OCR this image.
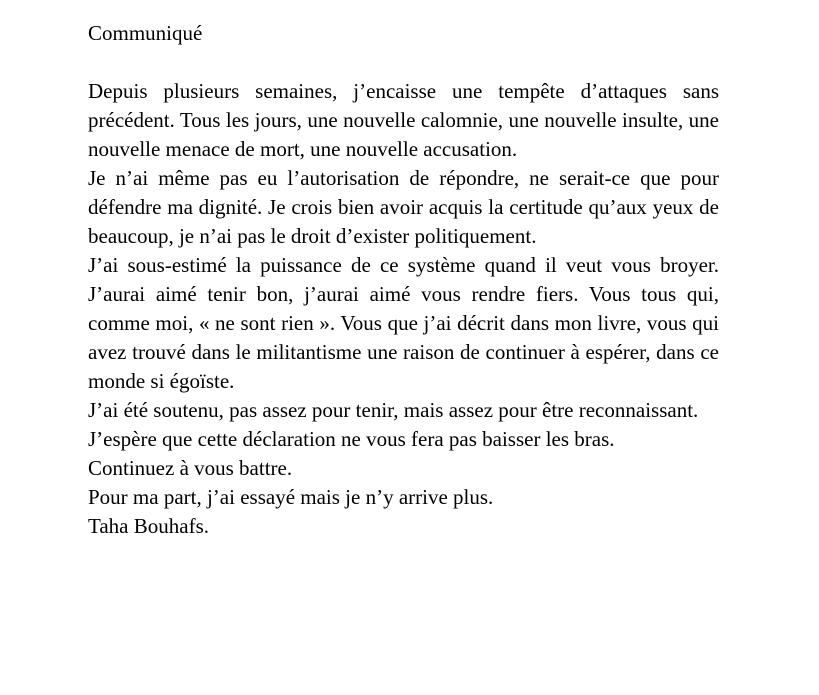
Communiqué

Depuis plusieurs semaines, j’encaisse une tempête d’attaques sans précédent. Tous les jours, une nouvelle calomnie, une nouvelle insulte, une nouvelle menace de mort, une nouvelle accusation.

Je n’ai même pas eu l’autorisation de répondre, ne serait-ce que pour défendre ma dignité. Je crois bien avoir acquis la certitude qu’aux yeux de beaucoup, je n’ai pas le droit d’exister politiquement.

J’ai sous-estimé la puissance de ce système quand il veut vous broyer. J’aurai aimé tenir bon, j’aurai aimé vous rendre fiers. Vous tous qui, comme moi, « ne sont rien ». Vous que j’ai décrit dans mon livre, vous qui avez trouvé dans le militantisme une raison de continuer à espérer, dans ce monde si égoïste.

J’ai été soutenu, pas assez pour tenir, mais assez pour être reconnaissant.

J’espère que cette déclaration ne vous fera pas baisser les bras.

Continuez à vous battre.

Pour ma part, j’ai essayé mais je n’y arrive plus.

Taha Bouhafs.
